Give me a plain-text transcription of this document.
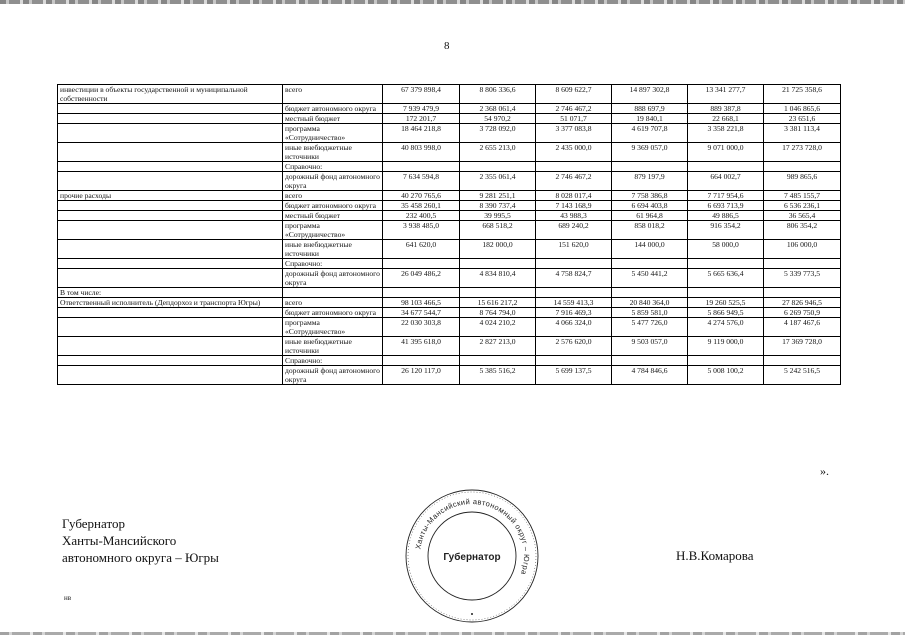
8
инвестиции в объекты государственной и муниципальной собственности	всего	67 379 898,4	8 806 336,6	8 609 622,7	14 897 302,8	13 341 277,7	21 725 358,6
	бюджет автономного округа	7 939 479,9	2 368 061,4	2 746 467,2	888 697,9	889 387,8	1 046 865,6
	местный бюджет	172 201,7	54 970,2	51 071,7	19 840,1	22 668,1	23 651,6
	программа «Сотрудничество»	18 464 218,8	3 728 092,0	3 377 083,8	4 619 707,8	3 358 221,8	3 381 113,4
	иные внебюджетные источники	40 803 998,0	2 655 213,0	2 435 000,0	9 369 057,0	9 071 000,0	17 273 728,0
	Справочно:						
	дорожный фонд автономного округа	7 634 594,8	2 355 061,4	2 746 467,2	879 197,9	664 002,7	989 865,6
прочие расходы	всего	40 270 765,6	9 281 251,1	8 028 017,4	7 758 386,8	7 717 954,6	7 485 155,7
	бюджет автономного округа	35 458 260,1	8 390 737,4	7 143 168,9	6 694 403,8	6 693 713,9	6 536 236,1
	местный бюджет	232 400,5	39 995,5	43 988,3	61 964,8	49 886,5	36 565,4
	программа «Сотрудничество»	3 938 485,0	668 518,2	689 240,2	858 018,2	916 354,2	806 354,2
	иные внебюджетные источники	641 620,0	182 000,0	151 620,0	144 000,0	58 000,0	106 000,0
	Справочно:						
	дорожный фонд автономного округа	26 049 486,2	4 834 810,4	4 758 824,7	5 450 441,2	5 665 636,4	5 339 773,5
В том числе:							
Ответственный исполнитель (Депдорхоз и транспорта Югры)	всего	98 103 466,5	15 616 217,2	14 559 413,3	20 840 364,0	19 260 525,5	27 826 946,5
	бюджет автономного округа	34 677 544,7	8 764 794,0	7 916 469,3	5 859 581,0	5 866 949,5	6 269 750,9
	программа «Сотрудничество»	22 030 303,8	4 024 210,2	4 066 324,0	5 477 726,0	4 274 576,0	4 187 467,6
	иные внебюджетные источники	41 395 618,0	2 827 213,0	2 576 620,0	9 503 057,0	9 119 000,0	17 369 728,0
	Справочно:						
	дорожный фонд автономного округа	26 120 117,0	5 385 516,2	5 699 137,5	4 784 846,6	5 008 100,2	5 242 516,5
».
Губернатор
Ханты-Мансийского
автономного округа – Югры
Ханты-Мансийский автономный округ – Югра
Губернатор	Н.В.Комарова
нв
